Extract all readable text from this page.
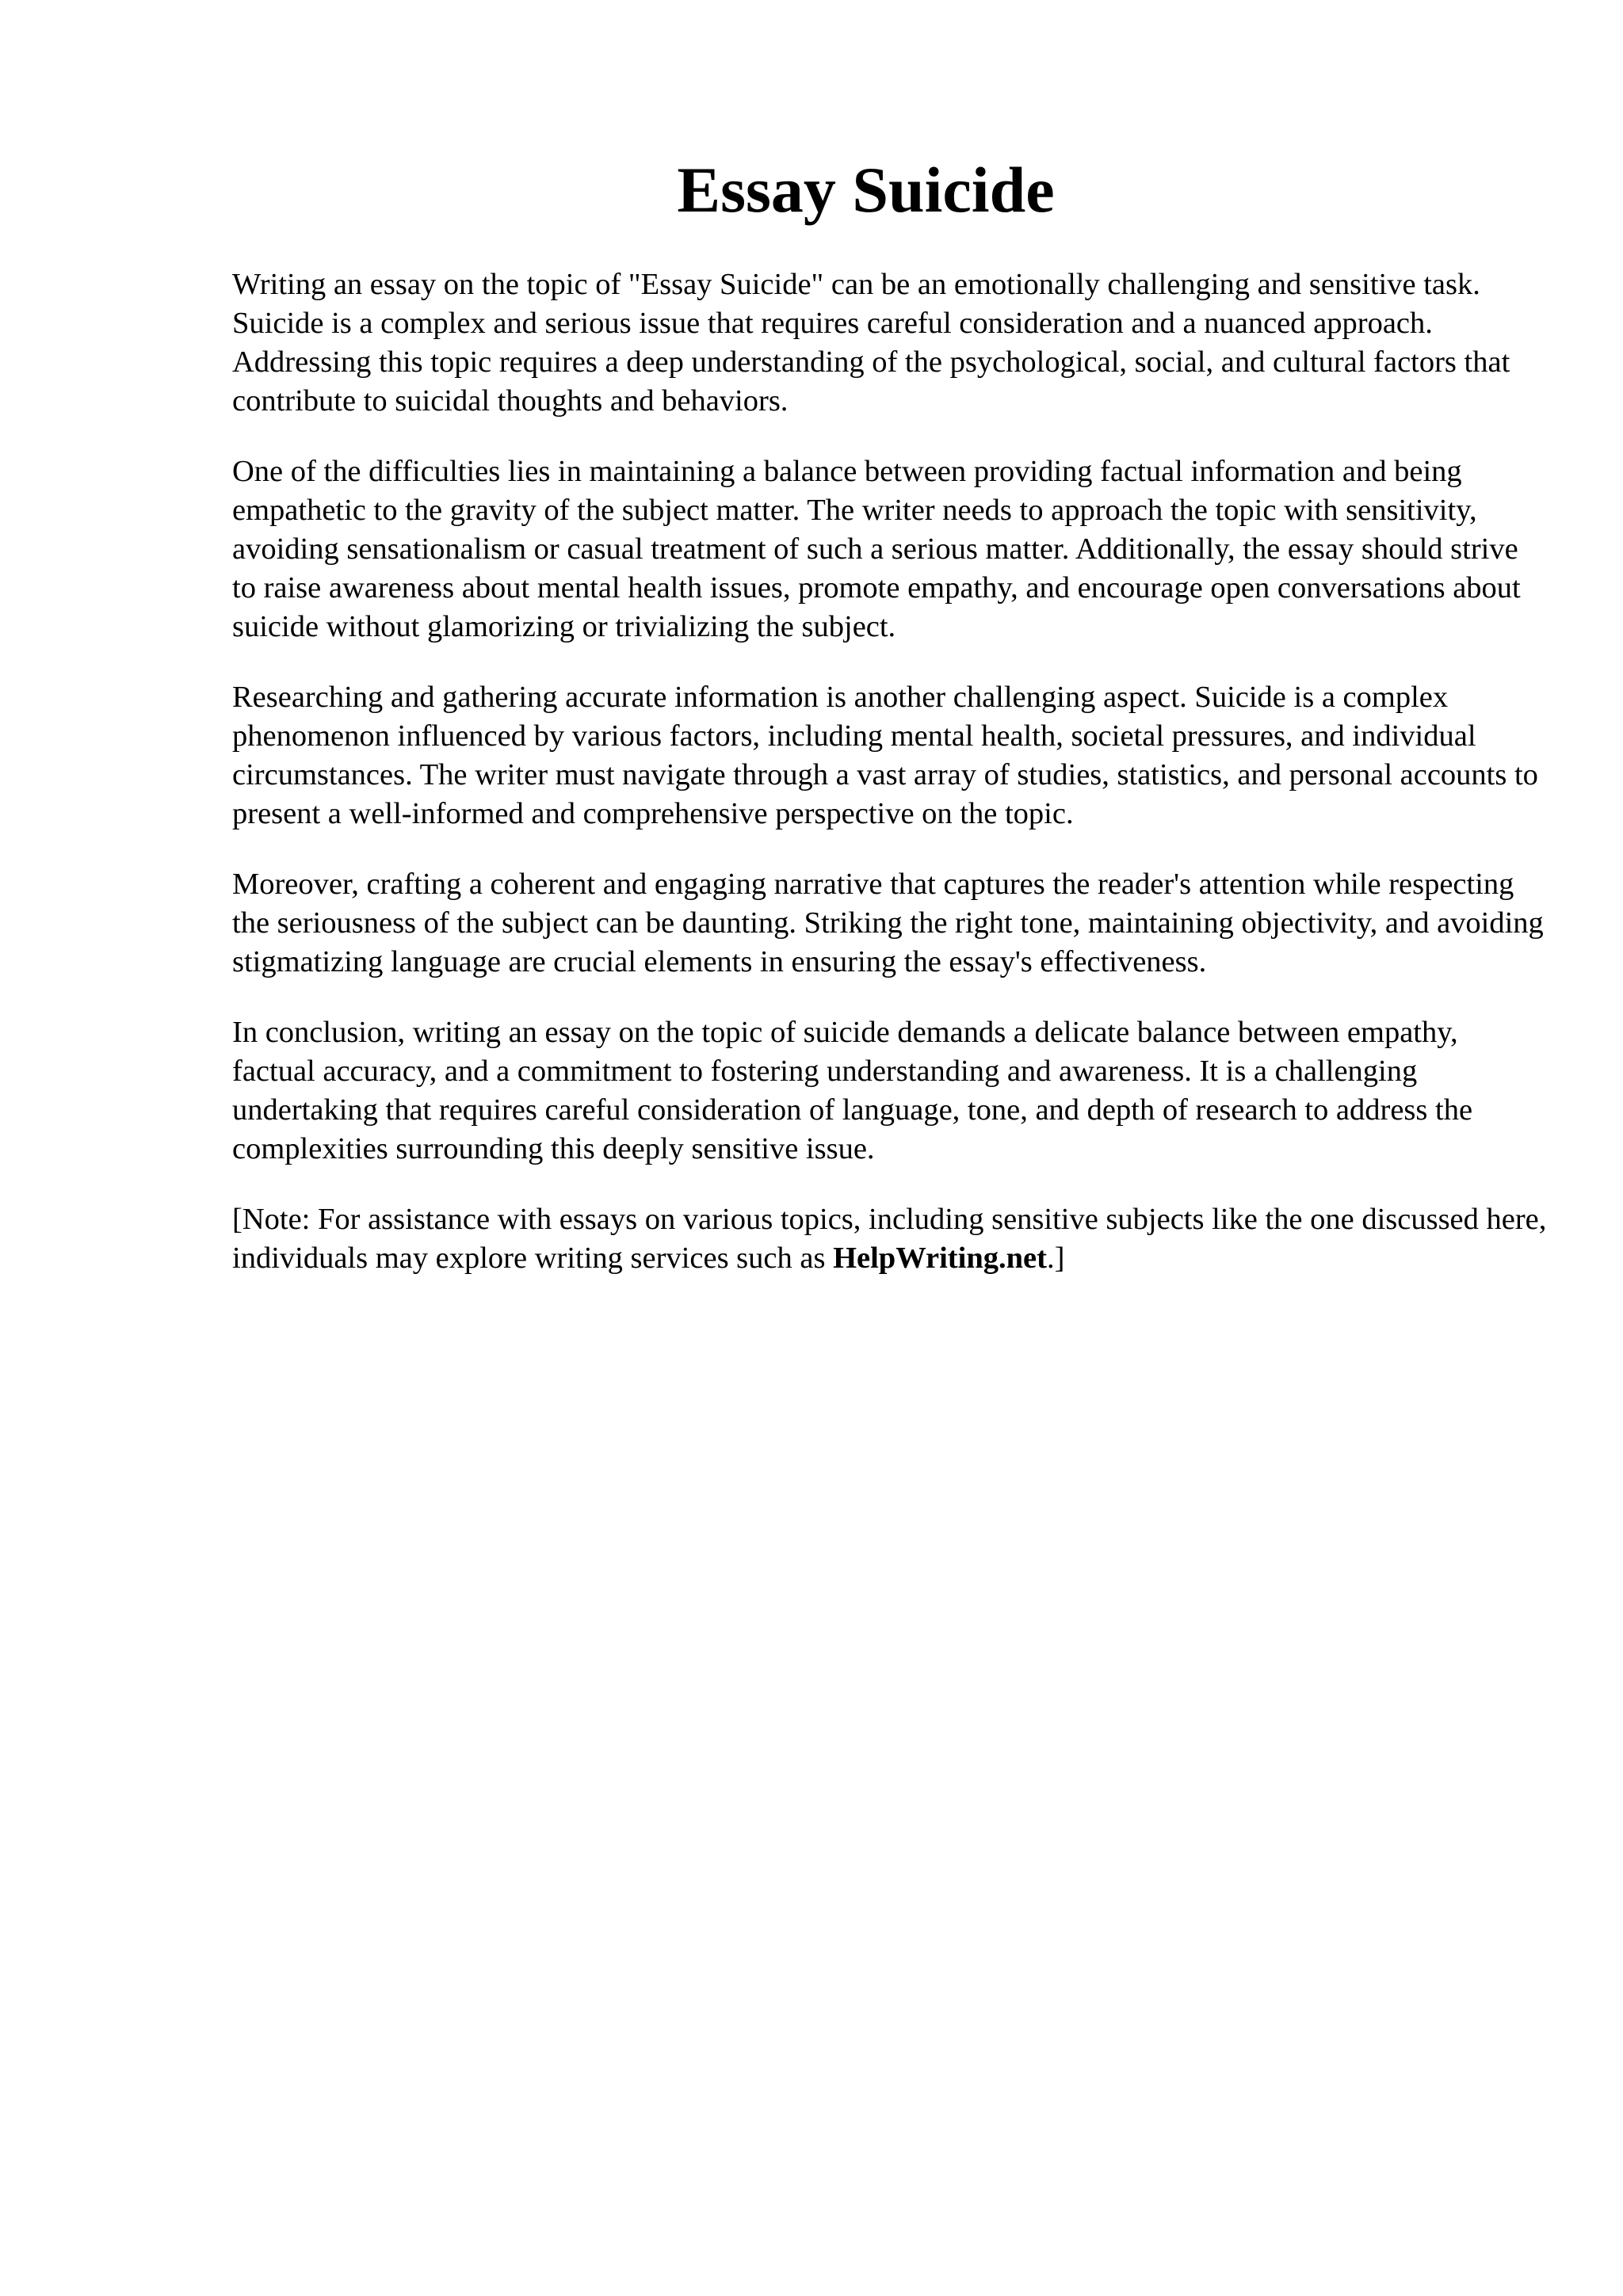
Essay Suicide

Writing an essay on the topic of "Essay Suicide" can be an emotionally challenging and sensitive task. Suicide is a complex and serious issue that requires careful consideration and a nuanced approach. Addressing this topic requires a deep understanding of the psychological, social, and cultural factors that contribute to suicidal thoughts and behaviors.

One of the difficulties lies in maintaining a balance between providing factual information and being empathetic to the gravity of the subject matter. The writer needs to approach the topic with sensitivity, avoiding sensationalism or casual treatment of such a serious matter. Additionally, the essay should strive to raise awareness about mental health issues, promote empathy, and encourage open conversations about suicide without glamorizing or trivializing the subject.

Researching and gathering accurate information is another challenging aspect. Suicide is a complex phenomenon influenced by various factors, including mental health, societal pressures, and individual circumstances. The writer must navigate through a vast array of studies, statistics, and personal accounts to present a well-informed and comprehensive perspective on the topic.

Moreover, crafting a coherent and engaging narrative that captures the reader's attention while respecting the seriousness of the subject can be daunting. Striking the right tone, maintaining objectivity, and avoiding stigmatizing language are crucial elements in ensuring the essay's effectiveness.

In conclusion, writing an essay on the topic of suicide demands a delicate balance between empathy, factual accuracy, and a commitment to fostering understanding and awareness. It is a challenging undertaking that requires careful consideration of language, tone, and depth of research to address the complexities surrounding this deeply sensitive issue.

[Note: For assistance with essays on various topics, including sensitive subjects like the one discussed here, individuals may explore writing services such as HelpWriting.net.]
